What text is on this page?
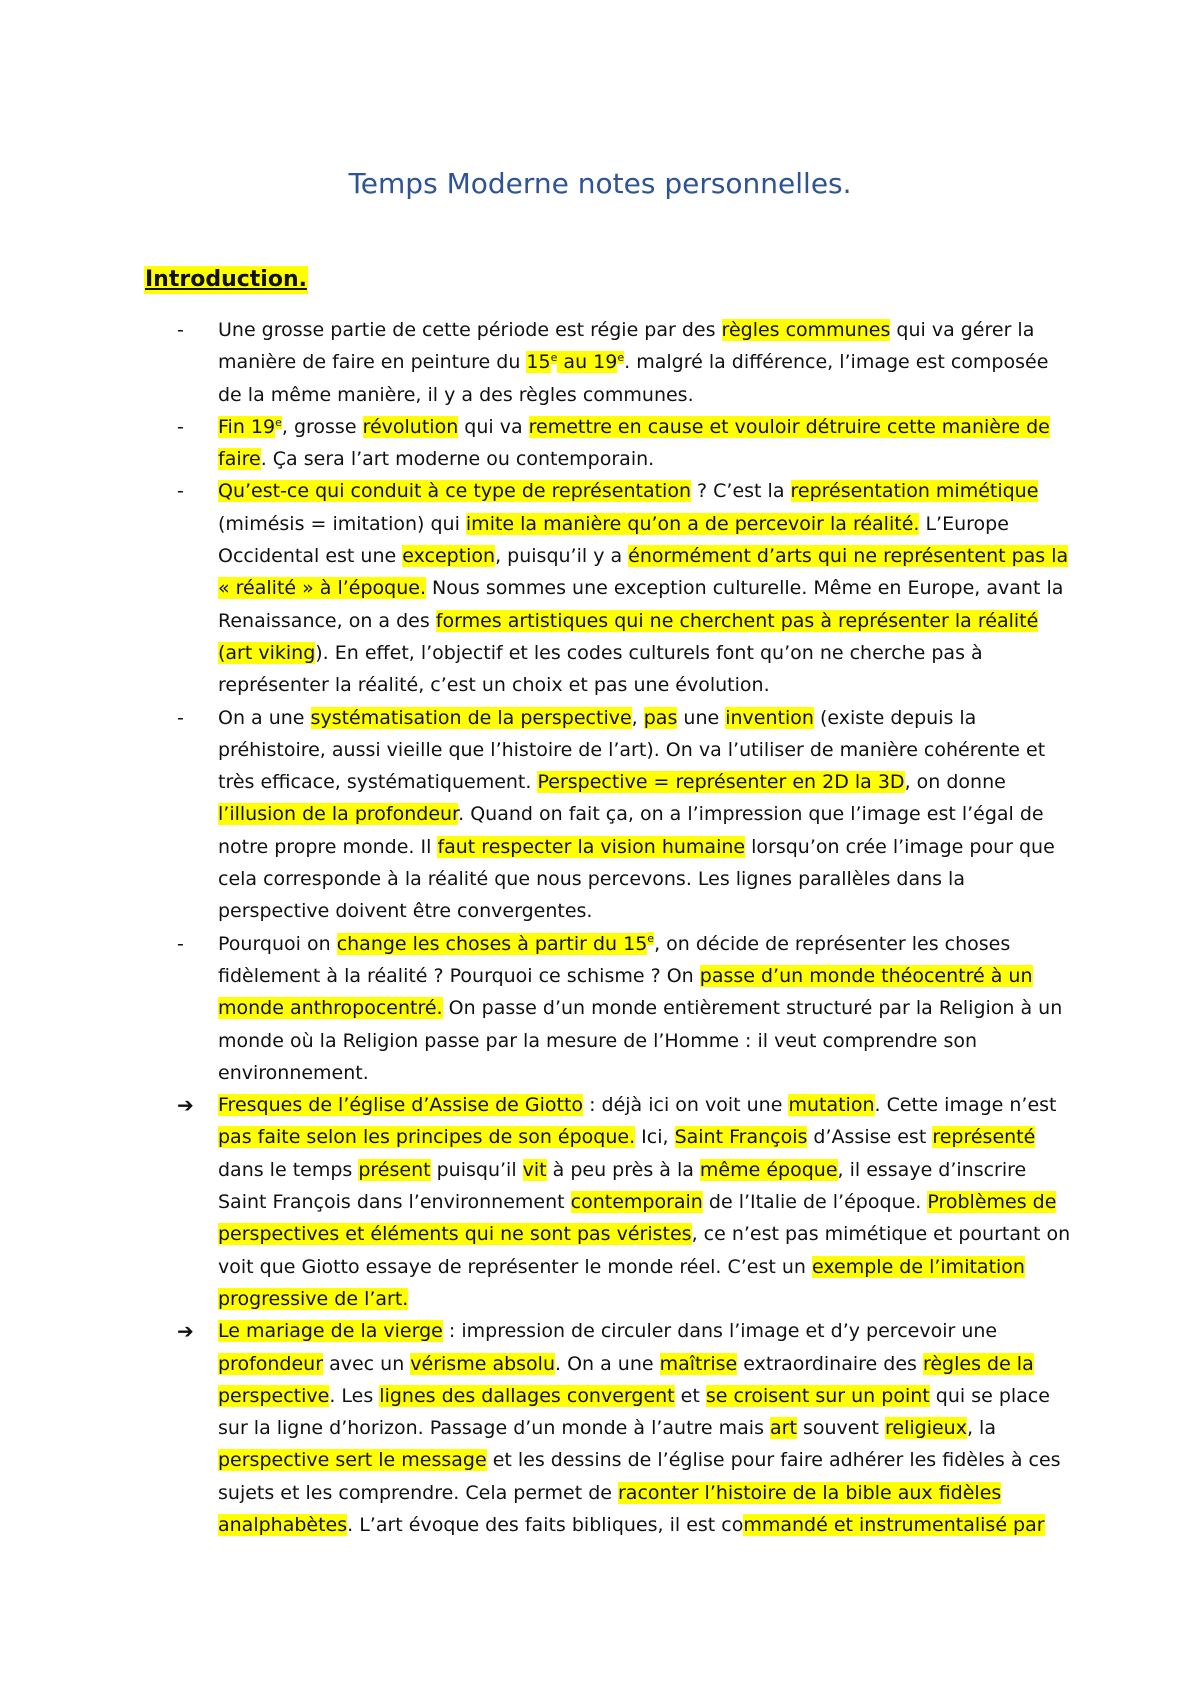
Temps Moderne notes personnelles.
Introduction.
-	Une grosse partie de cette période est régie par des règles communes qui va gérer la manière de faire en peinture du 15e au 19e. malgré la différence, l’image est composée de la même manière, il y a des règles communes.
-	Fin 19e, grosse révolution qui va remettre en cause et vouloir détruire cette manière de faire. Ça sera l’art moderne ou contemporain.
-	Qu’est-ce qui conduit à ce type de représentation ? C’est la représentation mimétique (mimésis = imitation) qui imite la manière qu’on a de percevoir la réalité. L’Europe Occidental est une exception, puisqu’il y a énormément d’arts qui ne représentent pas la « réalité » à l’époque. Nous sommes une exception culturelle. Même en Europe, avant la Renaissance, on a des formes artistiques qui ne cherchent pas à représenter la réalité (art viking). En effet, l’objectif et les codes culturels font qu’on ne cherche pas à représenter la réalité, c’est un choix et pas une évolution.
-	On a une systématisation de la perspective, pas une invention (existe depuis la préhistoire, aussi vieille que l’histoire de l’art). On va l’utiliser de manière cohérente et très efficace, systématiquement. Perspective = représenter en 2D la 3D, on donne l’illusion de la profondeur. Quand on fait ça, on a l’impression que l’image est l’égal de notre propre monde. Il faut respecter la vision humaine lorsqu’on crée l’image pour que cela corresponde à la réalité que nous percevons. Les lignes parallèles dans la perspective doivent être convergentes.
-	Pourquoi on change les choses à partir du 15e, on décide de représenter les choses fidèlement à la réalité ? Pourquoi ce schisme ? On passe d’un monde théocentré à un monde anthropocentré. On passe d’un monde entièrement structuré par la Religion à un monde où la Religion passe par la mesure de l’Homme : il veut comprendre son environnement.
➔	Fresques de l’église d’Assise de Giotto : déjà ici on voit une mutation. Cette image n’est pas faite selon les principes de son époque. Ici, Saint François d’Assise est représenté dans le temps présent puisqu’il vit à peu près à la même époque, il essaye d’inscrire Saint François dans l’environnement contemporain de l’Italie de l’époque. Problèmes de perspectives et éléments qui ne sont pas véristes, ce n’est pas mimétique et pourtant on voit que Giotto essaye de représenter le monde réel. C’est un exemple de l’imitation progressive de l’art.
➔	Le mariage de la vierge : impression de circuler dans l’image et d’y percevoir une profondeur avec un vérisme absolu. On a une maîtrise extraordinaire des règles de la perspective. Les lignes des dallages convergent et se croisent sur un point qui se place sur la ligne d’horizon. Passage d’un monde à l’autre mais art souvent religieux, la perspective sert le message et les dessins de l’église pour faire adhérer les fidèles à ces sujets et les comprendre. Cela permet de raconter l’histoire de la bible aux fidèles analphabètes. L’art évoque des faits bibliques, il est commandé et instrumentalisé par
